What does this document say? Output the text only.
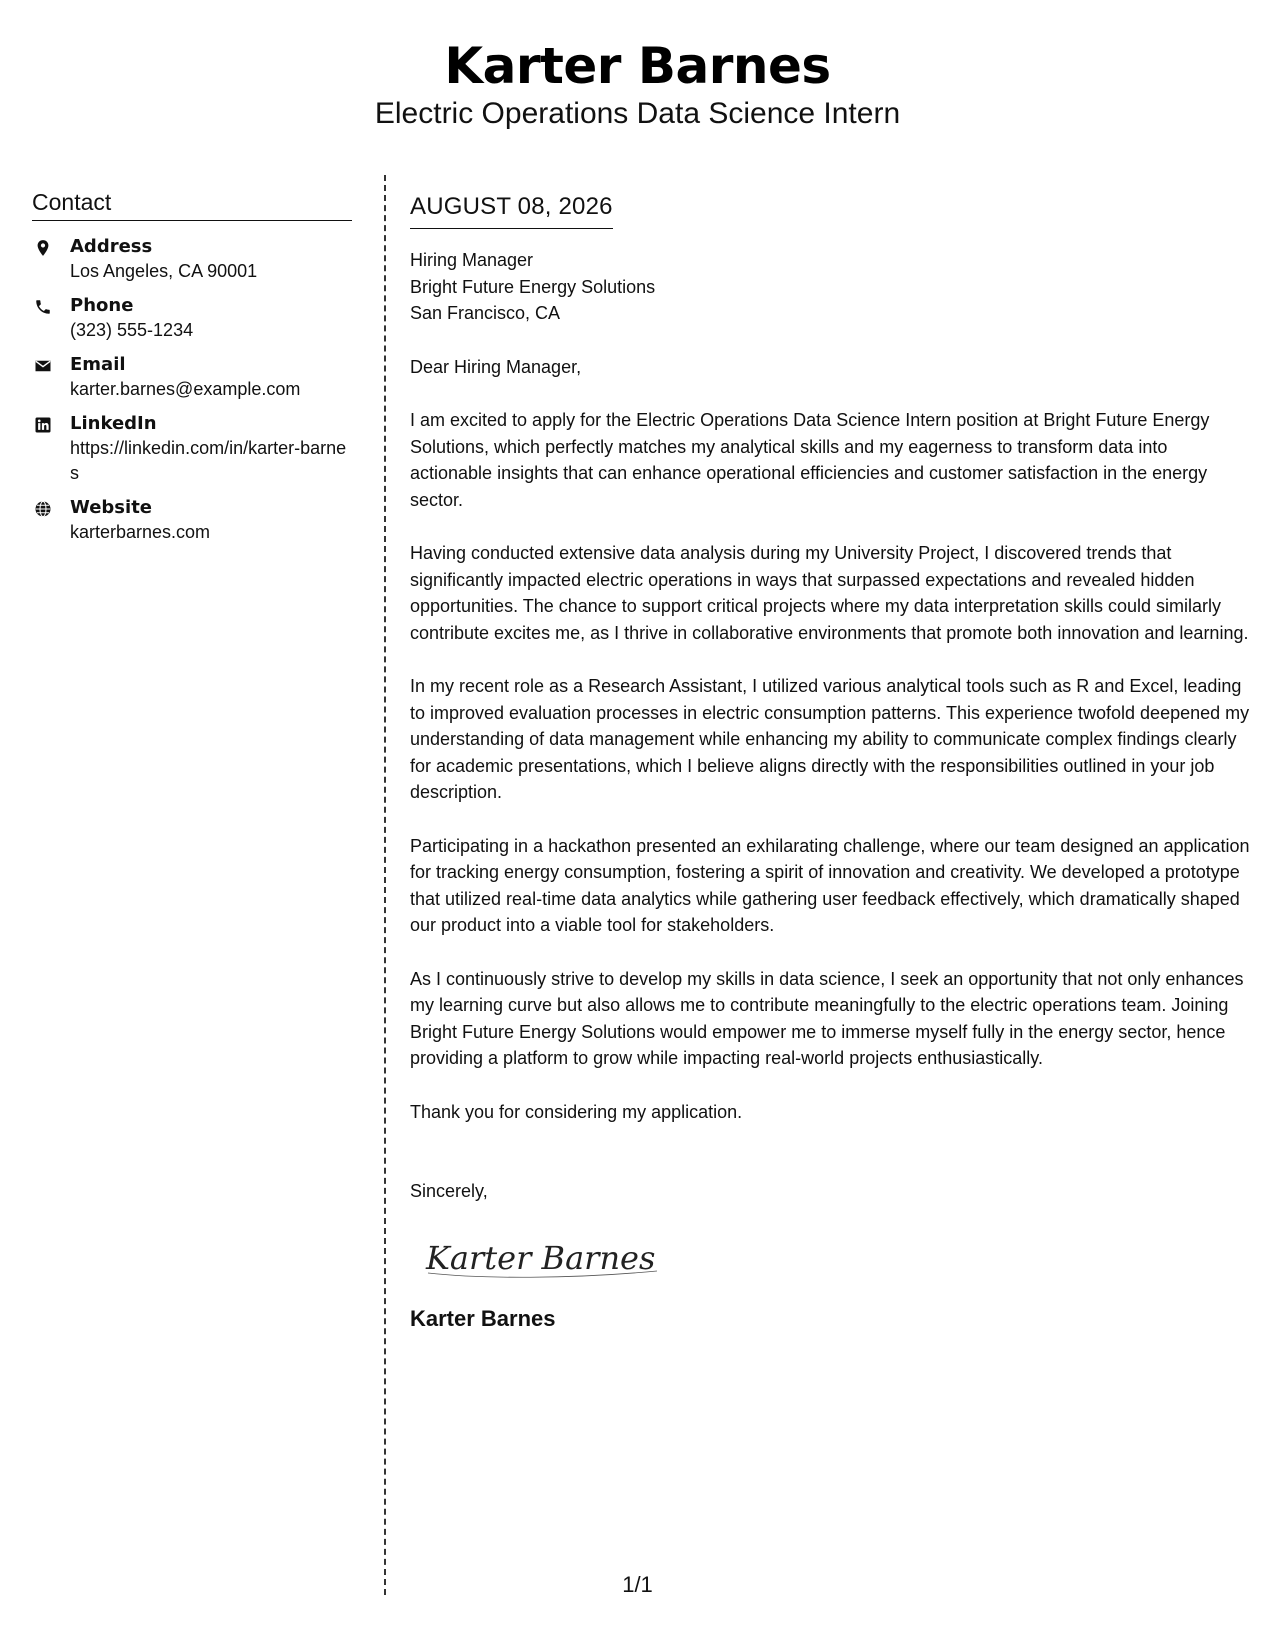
Karter Barnes
Electric Operations Data Science Intern
Contact
Address
Los Angeles, CA 90001
Phone
(323) 555-1234
Email
karter.barnes@example.com
LinkedIn
https://linkedin.com/in/karter-barnes
Website
karterbarnes.com
AUGUST 08, 2026
Hiring Manager
Bright Future Energy Solutions
San Francisco, CA
Dear Hiring Manager,

I am excited to apply for the Electric Operations Data Science Intern position at Bright Future Energy Solutions, which perfectly matches my analytical skills and my eagerness to transform data into actionable insights that can enhance operational efficiencies and customer satisfaction in the energy sector.

Having conducted extensive data analysis during my University Project, I discovered trends that significantly impacted electric operations in ways that surpassed expectations and revealed hidden opportunities. The chance to support critical projects where my data interpretation skills could similarly contribute excites me, as I thrive in collaborative environments that promote both innovation and learning.

In my recent role as a Research Assistant, I utilized various analytical tools such as R and Excel, leading to improved evaluation processes in electric consumption patterns. This experience twofold deepened my understanding of data management while enhancing my ability to communicate complex findings clearly for academic presentations, which I believe aligns directly with the responsibilities outlined in your job description.

Participating in a hackathon presented an exhilarating challenge, where our team designed an application for tracking energy consumption, fostering a spirit of innovation and creativity. We developed a prototype that utilized real-time data analytics while gathering user feedback effectively, which dramatically shaped our product into a viable tool for stakeholders.

As I continuously strive to develop my skills in data science, I seek an opportunity that not only enhances my learning curve but also allows me to contribute meaningfully to the electric operations team. Joining Bright Future Energy Solutions would empower me to immerse myself fully in the energy sector, hence providing a platform to grow while impacting real-world projects enthusiastically.

Thank you for considering my application.

Sincerely,
Karter Barnes
Karter Barnes
1/1
